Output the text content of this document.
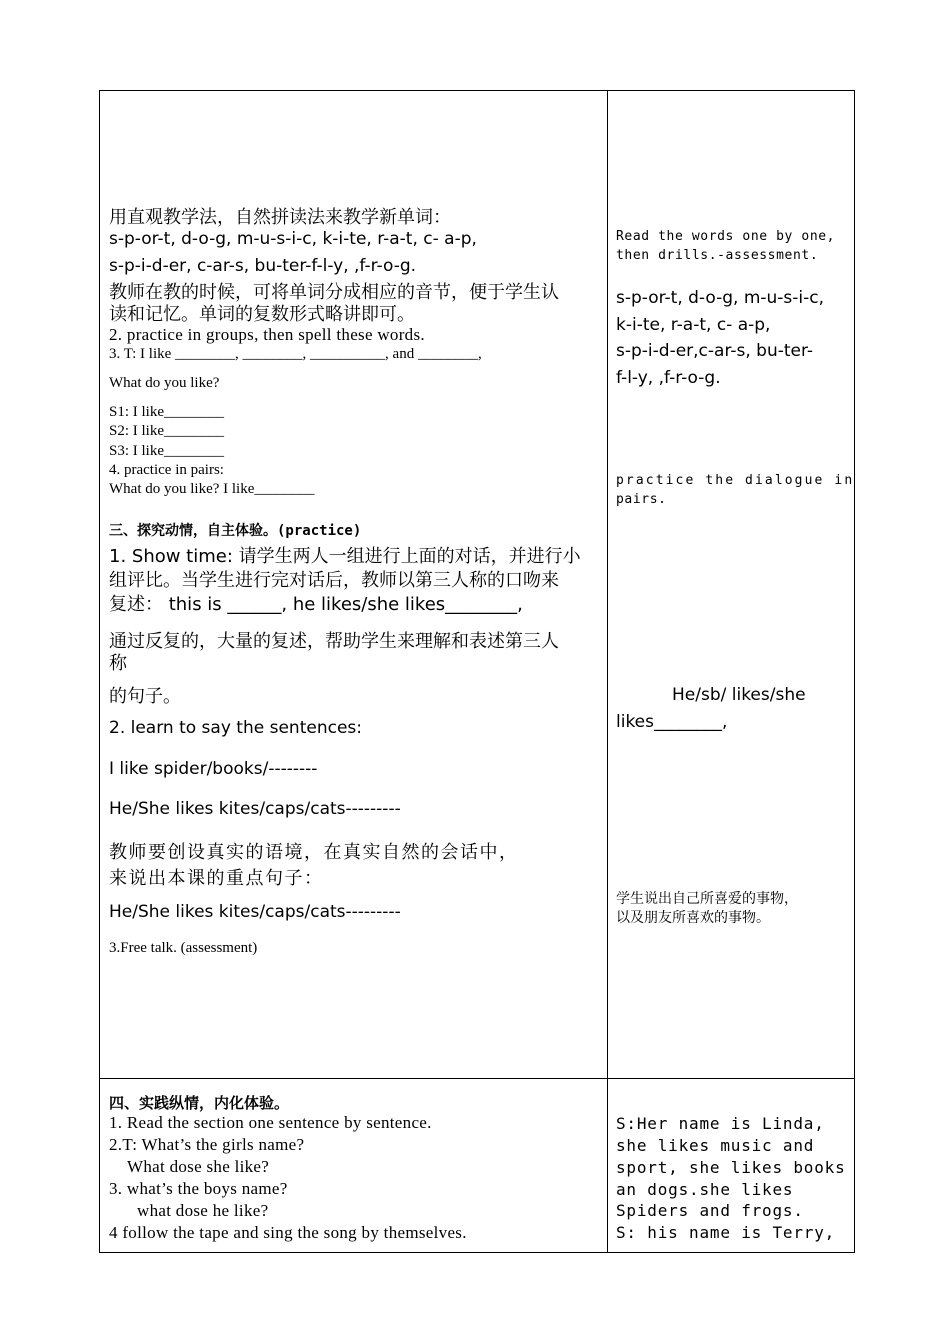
用直观教学法，自然拼读法来教学新单词：
s-p-or-t, d-o-g, m-u-s-i-c, k-i-te, r-a-t, c- a-p,
s-p-i-d-er, c-ar-s, bu-ter-f-l-y, ,f-r-o-g.
教师在教的时候，可将单词分成相应的音节，便于学生认
读和记忆。单词的复数形式略讲即可。
2. practice in groups, then spell these words.
3. T: I like ________, ________, __________, and ________,
What do you like?
S1: I like________
S2: I like________
S3: I like________
4. practice in pairs:
What do you like? I like________
三、探究动情，自主体验。(practice)
1. Show time: 请学生两人一组进行上面的对话，并进行小
组评比。当学生进行完对话后，教师以第三人称的口吻来
复述： this is ______, he likes/she likes________,
通过反复的，大量的复述，帮助学生来理解和表述第三人
称
的句子。
2. learn to say the sentences:
I like spider/books/--------
He/She likes kites/caps/cats---------
教师要创设真实的语境，在真实自然的会话中，
来说出本课的重点句子：
He/She likes kites/caps/cats---------
3.Free talk. (assessment)
四、实践纵情，内化体验。
1. Read the section one sentence by sentence.
2.T: What’s the girls name?
What dose she like?
3. what’s the boys name?
what dose he like?
4 follow the tape and sing the song by themselves.
Read the words one by one,
then drills.-assessment.
s-p-or-t, d-o-g, m-u-s-i-c,
k-i-te, r-a-t, c- a-p,
s-p-i-d-er,c-ar-s, bu-ter-
f-l-y, ,f-r-o-g.
practice the dialogue in
pairs.
He/sb/ likes/she
likes________,
学生说出自己所喜爱的事物，
以及朋友所喜欢的事物。
S:Her name is Linda,
she likes music and
sport, she likes books
an dogs.she likes
Spiders and frogs.
S: his name is Terry,
